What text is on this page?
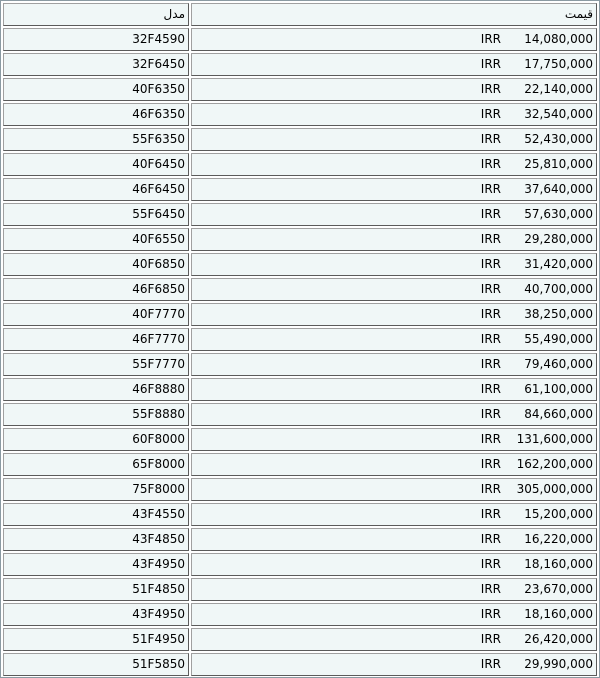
مدل	قیمت
32F4590	IRR 14,080,000
32F6450	IRR 17,750,000
40F6350	IRR 22,140,000
46F6350	IRR 32,540,000
55F6350	IRR 52,430,000
40F6450	IRR 25,810,000
46F6450	IRR 37,640,000
55F6450	IRR 57,630,000
40F6550	IRR 29,280,000
40F6850	IRR 31,420,000
46F6850	IRR 40,700,000
40F7770	IRR 38,250,000
46F7770	IRR 55,490,000
55F7770	IRR 79,460,000
46F8880	IRR 61,100,000
55F8880	IRR 84,660,000
60F8000	IRR 131,600,000
65F8000	IRR 162,200,000
75F8000	IRR 305,000,000
43F4550	IRR 15,200,000
43F4850	IRR 16,220,000
43F4950	IRR 18,160,000
51F4850	IRR 23,670,000
43F4950	IRR 18,160,000
51F4950	IRR 26,420,000
51F5850	IRR 29,990,000
